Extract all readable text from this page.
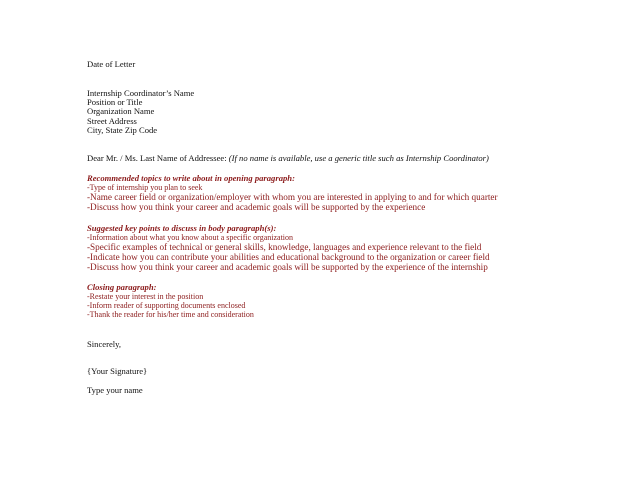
Date of Letter
Internship Coordinator’s Name
Position or Title
Organization Name
Street Address
City, State Zip Code
Dear Mr. / Ms. Last Name of Addressee: (If no name is available, use a generic title such as Internship Coordinator)
Recommended topics to write about in opening paragraph:
-Type of internship you plan to seek
-Name career field or organization/employer with whom you are interested in applying to and for which quarter
-Discuss how you think your career and academic goals will be supported by the experience
Suggested key points to discuss in body paragraph(s):
-Information about what you know about a specific organization
-Specific examples of technical or general skills, knowledge, languages and experience relevant to the field
-Indicate how you can contribute your abilities and educational background to the organization or career field
-Discuss how you think your career and academic goals will be supported by the experience of the internship
Closing paragraph:
-Restate your interest in the position
-Inform reader of supporting documents enclosed
-Thank the reader for his/her time and consideration
Sincerely,
{Your Signature}
Type your name
